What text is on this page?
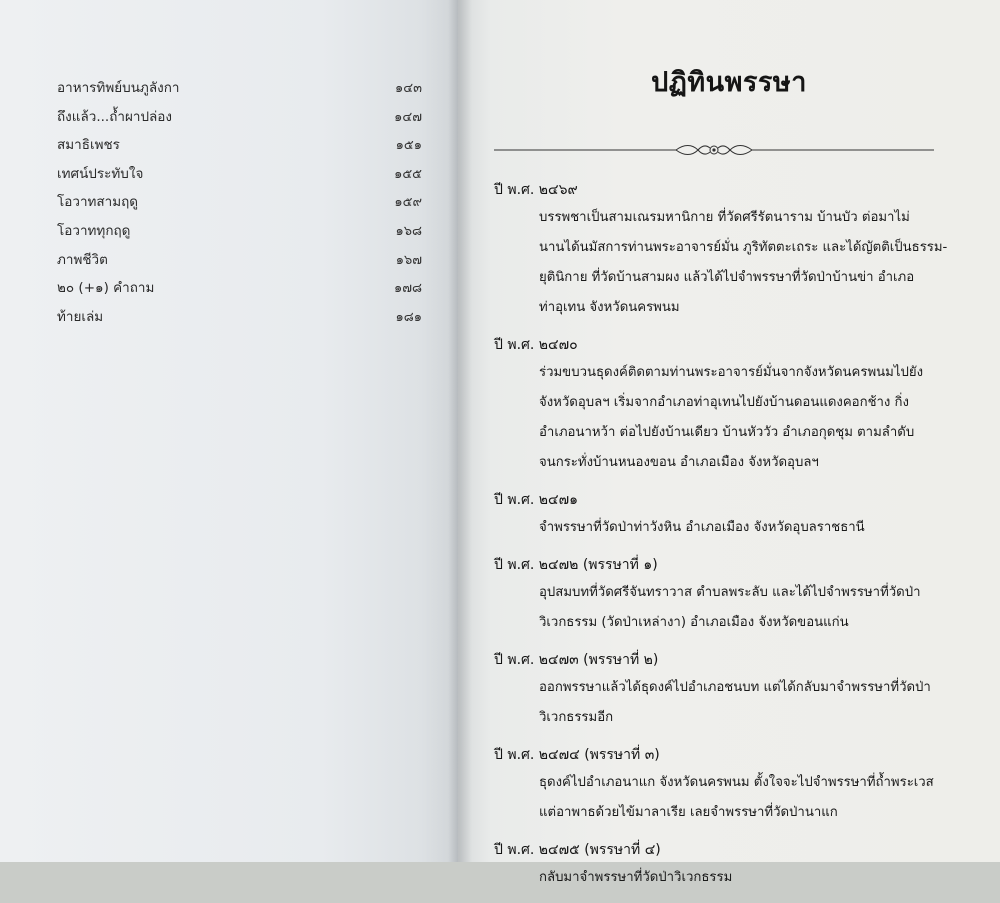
อาหารทิพย์บนภูลังกา	๑๔๓
ถึงแล้ว...ถ้ำผาปล่อง	๑๔๗
สมาธิเพชร	๑๕๑
เทศน์ประทับใจ	๑๕๕
โอวาทสามฤดู	๑๕๙
โอวาททุกฤดู	๑๖๘
ภาพชีวิต	๑๖๗
๒๐ (+๑) คำถาม	๑๗๘
ท้ายเล่ม	๑๘๑
ปฏิทินพรรษา
ปี พ.ศ. ๒๔๖๙
บรรพชาเป็นสามเณรมหานิกาย ที่วัดศรีรัตนาราม บ้านบัว ต่อมาไม่
นานได้นมัสการท่านพระอาจารย์มั่น ภูริทัตตะเถระ และได้ญัตติเป็นธรรม-
ยุตินิกาย ที่วัดบ้านสามผง แล้วได้ไปจำพรรษาที่วัดป่าบ้านข่า อำเภอ
ท่าอุเทน จังหวัดนครพนม
ปี พ.ศ. ๒๔๗๐
ร่วมขบวนธุดงค์ติดตามท่านพระอาจารย์มั่นจากจังหวัดนครพนมไปยัง
จังหวัดอุบลฯ เริ่มจากอำเภอท่าอุเทนไปยังบ้านดอนแดงคอกช้าง กิ่ง
อำเภอนาหว้า ต่อไปยังบ้านเดียว บ้านหัววัว อำเภอกุดชุม ตามลำดับ
จนกระทั่งบ้านหนองขอน อำเภอเมือง จังหวัดอุบลฯ
ปี พ.ศ. ๒๔๗๑
จำพรรษาที่วัดป่าท่าวังหิน อำเภอเมือง จังหวัดอุบลราชธานี
ปี พ.ศ. ๒๔๗๒ (พรรษาที่ ๑)
อุปสมบทที่วัดศรีจันทราวาส ตำบลพระลับ และได้ไปจำพรรษาที่วัดป่า
วิเวกธรรม (วัดป่าเหล่างา) อำเภอเมือง จังหวัดขอนแก่น
ปี พ.ศ. ๒๔๗๓ (พรรษาที่ ๒)
ออกพรรษาแล้วได้ธุดงค์ไปอำเภอชนบท แต่ได้กลับมาจำพรรษาที่วัดป่า
วิเวกธรรมอีก
ปี พ.ศ. ๒๔๗๔ (พรรษาที่ ๓)
ธุดงค์ไปอำเภอนาแก จังหวัดนครพนม ตั้งใจจะไปจำพรรษาที่ถ้ำพระเวส
แต่อาพาธด้วยไข้มาลาเรีย เลยจำพรรษาที่วัดป่านาแก
ปี พ.ศ. ๒๔๗๕ (พรรษาที่ ๔)
กลับมาจำพรรษาที่วัดป่าวิเวกธรรม
